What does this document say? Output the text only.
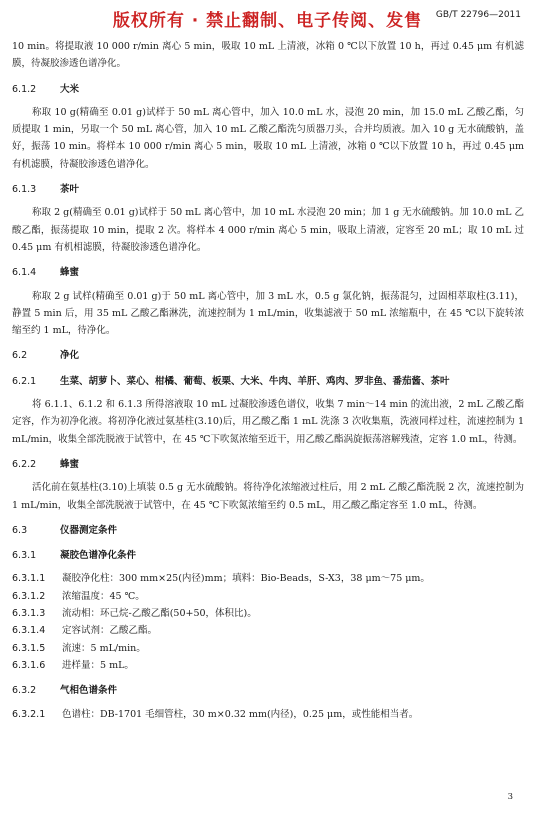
版权所有 · 禁止翻制、电子传阅、发售	GB/T 22796—2011

10 min。将提取液 10 000 r/min 离心 5 min，吸取 10 mL 上清液，冰箱 0 ℃以下放置 10 h，再过 0.45 μm 有机滤膜，待凝胶渗透色谱净化。

6.1.2	大米

称取 10 g(精确至 0.01 g)试样于 50 mL 离心管中，加入 10.0 mL 水，浸泡 20 min，加 15.0 mL 乙酸乙酯，匀质提取 1 min，另取一个 50 mL 离心管，加入 10 mL 乙酸乙酯洗匀质器刀头，合并均质液。加入 10 g 无水硫酸钠，盖好，振荡 10 min。将样本 10 000 r/min 离心 5 min，吸取 10 mL 上清液，冰箱 0 ℃以下放置 10 h，再过 0.45 μm 有机滤膜，待凝胶渗透色谱净化。

6.1.3	茶叶

称取 2 g(精确至 0.01 g)试样于 50 mL 离心管中，加 10 mL 水浸泡 20 min；加 1 g 无水硫酸钠。加 10.0 mL 乙酸乙酯，振荡提取 10 min，提取 2 次。将样本 4 000 r/min 离心 5 min，吸取上清液，定容至 20 mL；取 10 mL 过 0.45 μm 有机相滤膜，待凝胶渗透色谱净化。

6.1.4	蜂蜜

称取 2 g 试样(精确至 0.01 g)于 50 mL 离心管中，加 3 mL 水，0.5 g 氯化钠，振荡混匀，过固相萃取柱(3.11)，静置 5 min 后，用 35 mL 乙酸乙酯淋洗，流速控制为 1 mL/min，收集滤液于 50 mL 浓缩瓶中，在 45 ℃以下旋转浓缩至约 1 mL，待净化。

6.2	净化
6.2.1	生菜、胡萝卜、菜心、柑橘、葡萄、板栗、大米、牛肉、羊肝、鸡肉、罗非鱼、番茄酱、茶叶

将 6.1.1、6.1.2 和 6.1.3 所得溶液取 10 mL 过凝胶渗透色谱仪，收集 7 min～14 min 的流出液，2 mL 乙酸乙酯定容，作为初净化液。将初净化液过氨基柱(3.10)后，用乙酸乙酯 1 mL 洗涤 3 次收集瓶，洗液同样过柱，流速控制为 1 mL/min，收集全部洗脱液于试管中，在 45 ℃下吹氮浓缩至近干，用乙酸乙酯涡旋振荡溶解残渣，定容 1.0 mL，待测。

6.2.2	蜂蜜

活化前在氨基柱(3.10)上填装 0.5 g 无水硫酸钠。将待净化浓缩液过柱后，用 2 mL 乙酸乙酯洗脱 2 次，流速控制为 1 mL/min，收集全部洗脱液于试管中，在 45 ℃下吹氮浓缩至约 0.5 mL，用乙酸乙酯定容至 1.0 mL，待测。

6.3	仪器测定条件
6.3.1	凝胶色谱净化条件

6.3.1.1 凝胶净化柱：300 mm×25(内径)mm；填料：Bio-Beads，S-X3，38 μm～75 μm。

6.3.1.2 浓缩温度：45 ℃。

6.3.1.3 流动相：环己烷-乙酸乙酯(50+50，体积比)。

6.3.1.4 定容试剂：乙酸乙酯。

6.3.1.5 流速：5 mL/min。

6.3.1.6 进样量：5 mL。

6.3.2	气相色谱条件

6.3.2.1 色谱柱：DB-1701 毛细管柱，30 m×0.32 mm(内径)，0.25 μm，或性能相当者。

3
